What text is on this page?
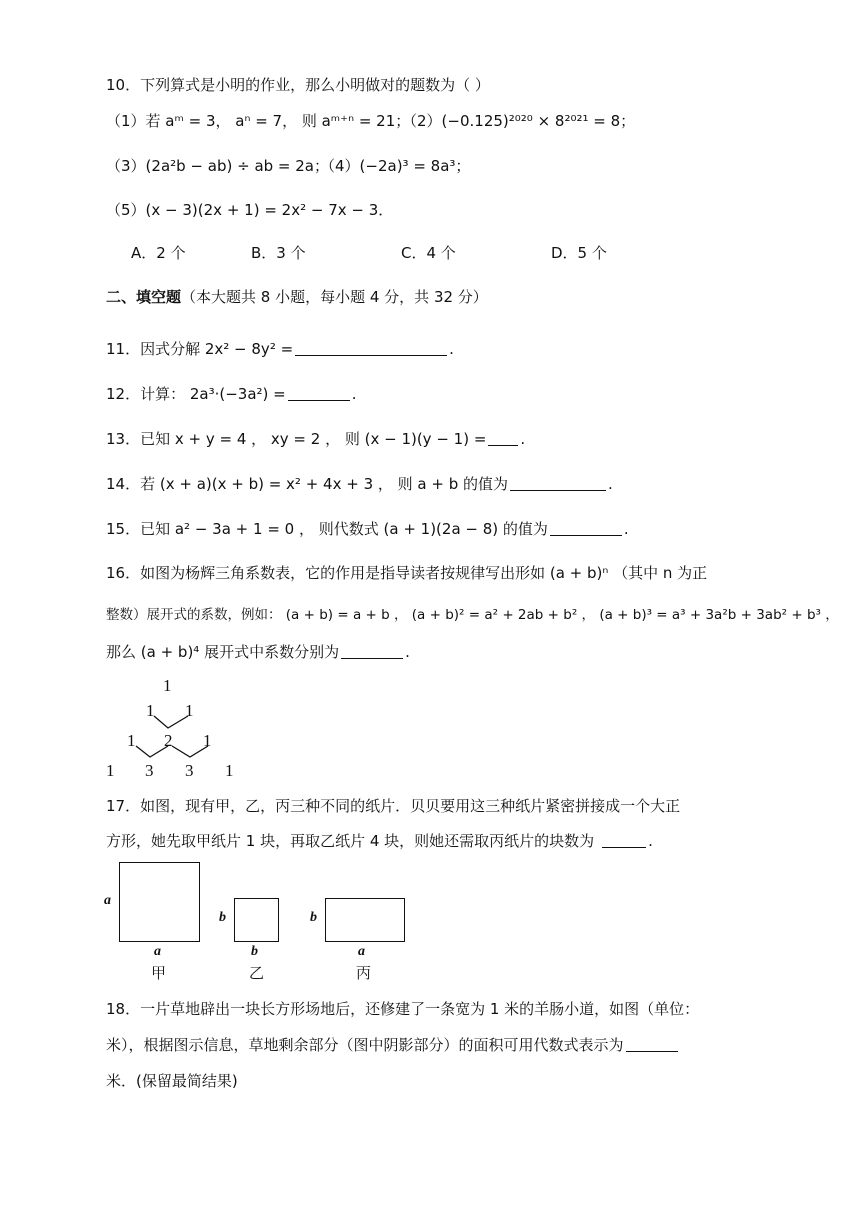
10．下列算式是小明的作业，那么小明做对的题数为（ ）
（1）若 aᵐ = 3， aⁿ = 7， 则 aᵐ⁺ⁿ = 21；
（2）(−0.125)²⁰²⁰ × 8²⁰²¹ = 8；
（3）(2a²b − ab) ÷ ab = 2a；
（4）(−2a)³ = 8a³；
（5）(x − 3)(2x + 1) = 2x² − 7x − 3．
A．2 个	B．3 个	C．4 个	D．5 个
二、填空题（本大题共 8 小题，每小题 4 分，共 32 分）
11．因式分解 2x² − 8y² =	.
12．计算： 2a³·(−3a²) =	.
13．已知 x + y = 4 ， xy = 2 ， 则 (x − 1)(y − 1) = .
14．若 (x + a)(x + b) = x² + 4x + 3 ， 则 a + b 的值为	.
15．已知 a² − 3a + 1 = 0 ， 则代数式 (a + 1)(2a − 8) 的值为	.
16．如图为杨辉三角系数表，它的作用是指导读者按规律写出形如 (a + b)ⁿ （其中 n 为正
整数）展开式的系数，例如： (a + b) = a + b ， (a + b)² = a² + 2ab + b² ， (a + b)³ = a³ + 3a²b + 3ab² + b³ ，
那么 (a + b)⁴ 展开式中系数分别为	.
1
1 1
1 2 1
1 3 3 1
17．如图，现有甲，乙，丙三种不同的纸片．贝贝要用这三种纸片紧密拼接成一个大正
方形，她先取甲纸片 1 块，再取乙纸片 4 块，则她还需取丙纸片的块数为	.
a
a
甲
b
b
乙
b
a
丙
18．一片草地辟出一块长方形场地后，还修建了一条宽为 1 米的羊肠小道，如图（单位：
米），根据图示信息，草地剩余部分（图中阴影部分）的面积可用代数式表示为
米．(保留最简结果)
